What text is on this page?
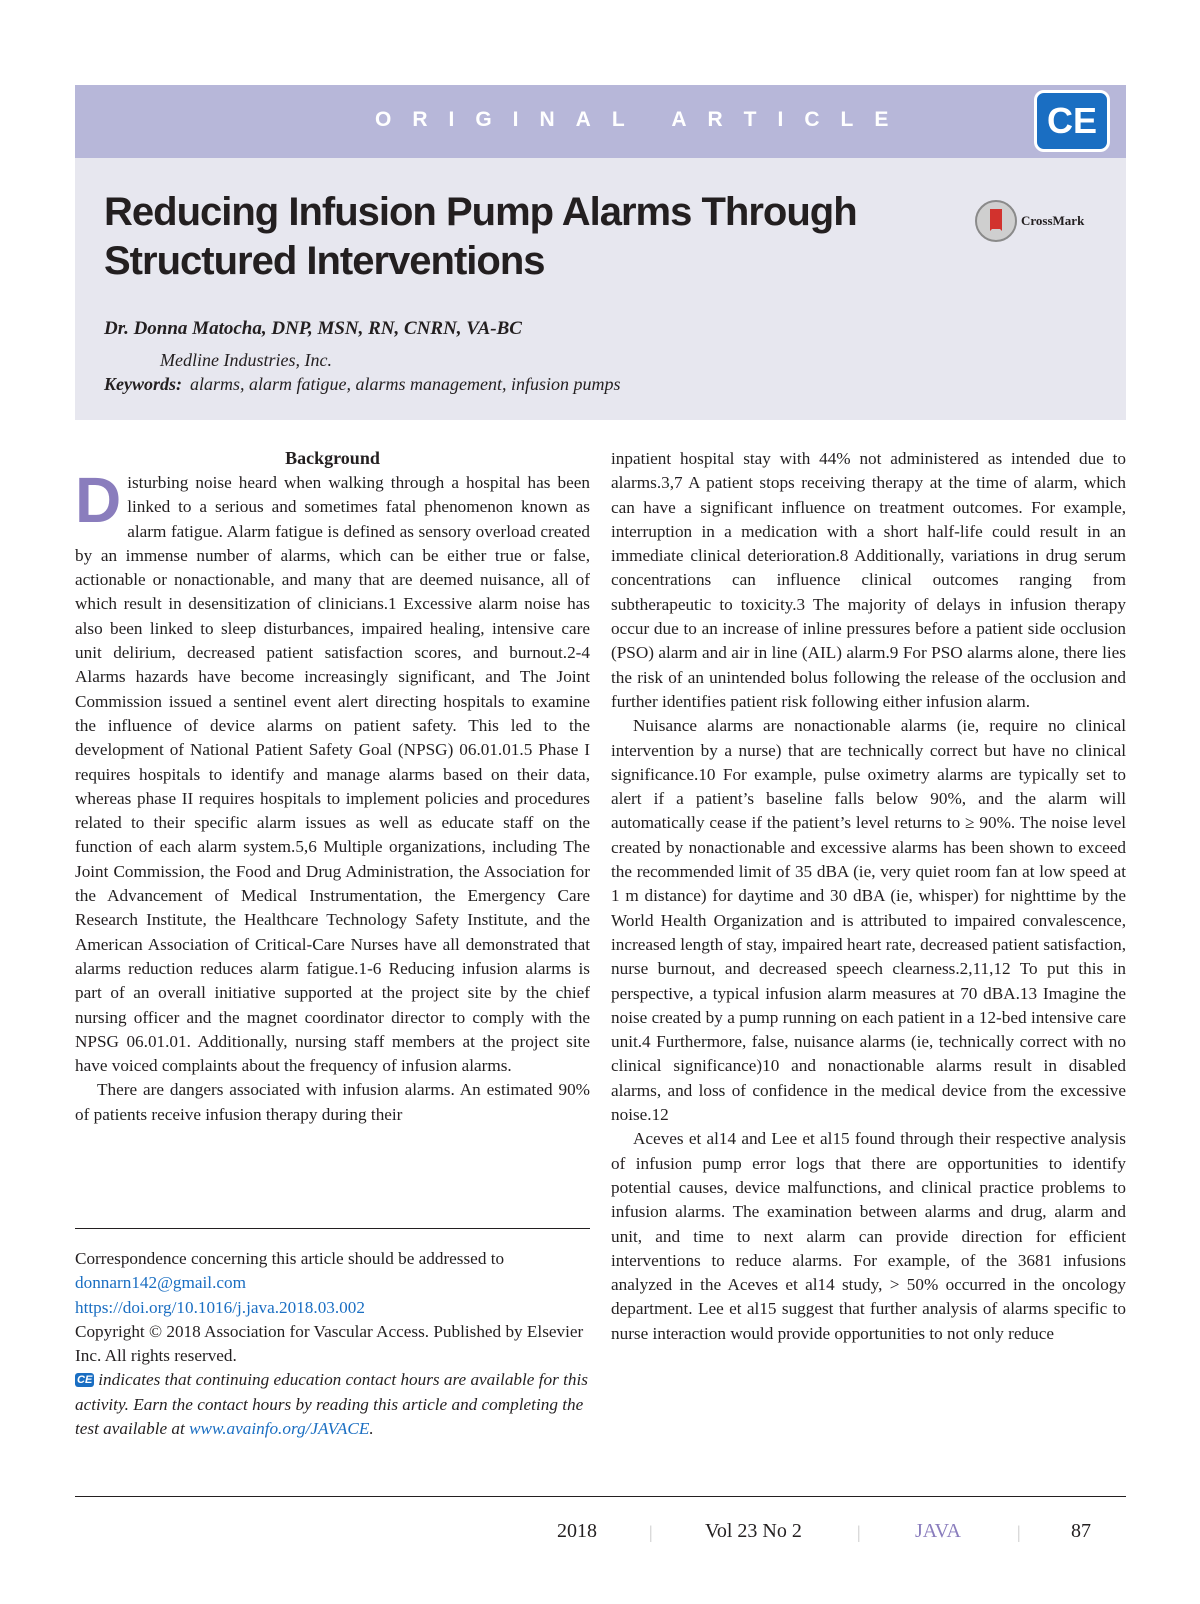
ORIGINAL ARTICLE	CE
Reducing Infusion Pump Alarms Through Structured Interventions
CrossMark

Dr. Donna Matocha, DNP, MSN, RN, CNRN, VA-BC

Medline Industries, Inc.

Keywords: alarms, alarm fatigue, alarms management, infusion pumps

Background

Disturbing noise heard when walking through a hospital has been linked to a serious and sometimes fatal phenomenon known as alarm fatigue. Alarm fatigue is defined as sensory overload created by an immense number of alarms, which can be either true or false, actionable or nonactionable, and many that are deemed nuisance, all of which result in desensitization of clinicians.1 Excessive alarm noise has also been linked to sleep disturbances, impaired healing, intensive care unit delirium, decreased patient satisfaction scores, and burnout.2-4 Alarms hazards have become increasingly significant, and The Joint Commission issued a sentinel event alert directing hospitals to examine the influence of device alarms on patient safety. This led to the development of National Patient Safety Goal (NPSG) 06.01.01.5 Phase I requires hospitals to identify and manage alarms based on their data, whereas phase II requires hospitals to implement policies and procedures related to their specific alarm issues as well as educate staff on the function of each alarm system.5,6 Multiple organizations, including The Joint Commission, the Food and Drug Administration, the Association for the Advancement of Medical Instrumentation, the Emergency Care Research Institute, the Healthcare Technology Safety Institute, and the American Association of Critical-Care Nurses have all demonstrated that alarms reduction reduces alarm fatigue.1-6 Reducing infusion alarms is part of an overall initiative supported at the project site by the chief nursing officer and the magnet coordinator director to comply with the NPSG 06.01.01. Additionally, nursing staff members at the project site have voiced complaints about the frequency of infusion alarms.

There are dangers associated with infusion alarms. An estimated 90% of patients receive infusion therapy during their

Correspondence concerning this article should be addressed to

donnarn142@gmail.com

https://doi.org/10.1016/j.java.2018.03.002

Copyright © 2018 Association for Vascular Access. Published by Elsevier Inc. All rights reserved.

CE indicates that continuing education contact hours are available for this activity. Earn the contact hours by reading this article and completing the test available at www.avainfo.org/JAVACE.

inpatient hospital stay with 44% not administered as intended due to alarms.3,7 A patient stops receiving therapy at the time of alarm, which can have a significant influence on treatment outcomes. For example, interruption in a medication with a short half-life could result in an immediate clinical deterioration.8 Additionally, variations in drug serum concentrations can influence clinical outcomes ranging from subtherapeutic to toxicity.3 The majority of delays in infusion therapy occur due to an increase of inline pressures before a patient side occlusion (PSO) alarm and air in line (AIL) alarm.9 For PSO alarms alone, there lies the risk of an unintended bolus following the release of the occlusion and further identifies patient risk following either infusion alarm.

Nuisance alarms are nonactionable alarms (ie, require no clinical intervention by a nurse) that are technically correct but have no clinical significance.10 For example, pulse oximetry alarms are typically set to alert if a patient’s baseline falls below 90%, and the alarm will automatically cease if the patient’s level returns to ≥ 90%. The noise level created by nonactionable and excessive alarms has been shown to exceed the recommended limit of 35 dBA (ie, very quiet room fan at low speed at 1 m distance) for daytime and 30 dBA (ie, whisper) for nighttime by the World Health Organization and is attributed to impaired convalescence, increased length of stay, impaired heart rate, decreased patient satisfaction, nurse burnout, and decreased speech clearness.2,11,12 To put this in perspective, a typical infusion alarm measures at 70 dBA.13 Imagine the noise created by a pump running on each patient in a 12-bed intensive care unit.4 Furthermore, false, nuisance alarms (ie, technically correct with no clinical significance)10 and nonactionable alarms result in disabled alarms, and loss of confidence in the medical device from the excessive noise.12

Aceves et al14 and Lee et al15 found through their respective analysis of infusion pump error logs that there are opportunities to identify potential causes, device malfunctions, and clinical practice problems to infusion alarms. The examination between alarms and drug, alarm and unit, and time to next alarm can provide direction for efficient interventions to reduce alarms. For example, of the 3681 infusions analyzed in the Aceves et al14 study, > 50% occurred in the oncology department. Lee et al15 suggest that further analysis of alarms specific to nurse interaction would provide opportunities to not only reduce

2018	|	Vol 23 No 2	|	JAVA	|	87
